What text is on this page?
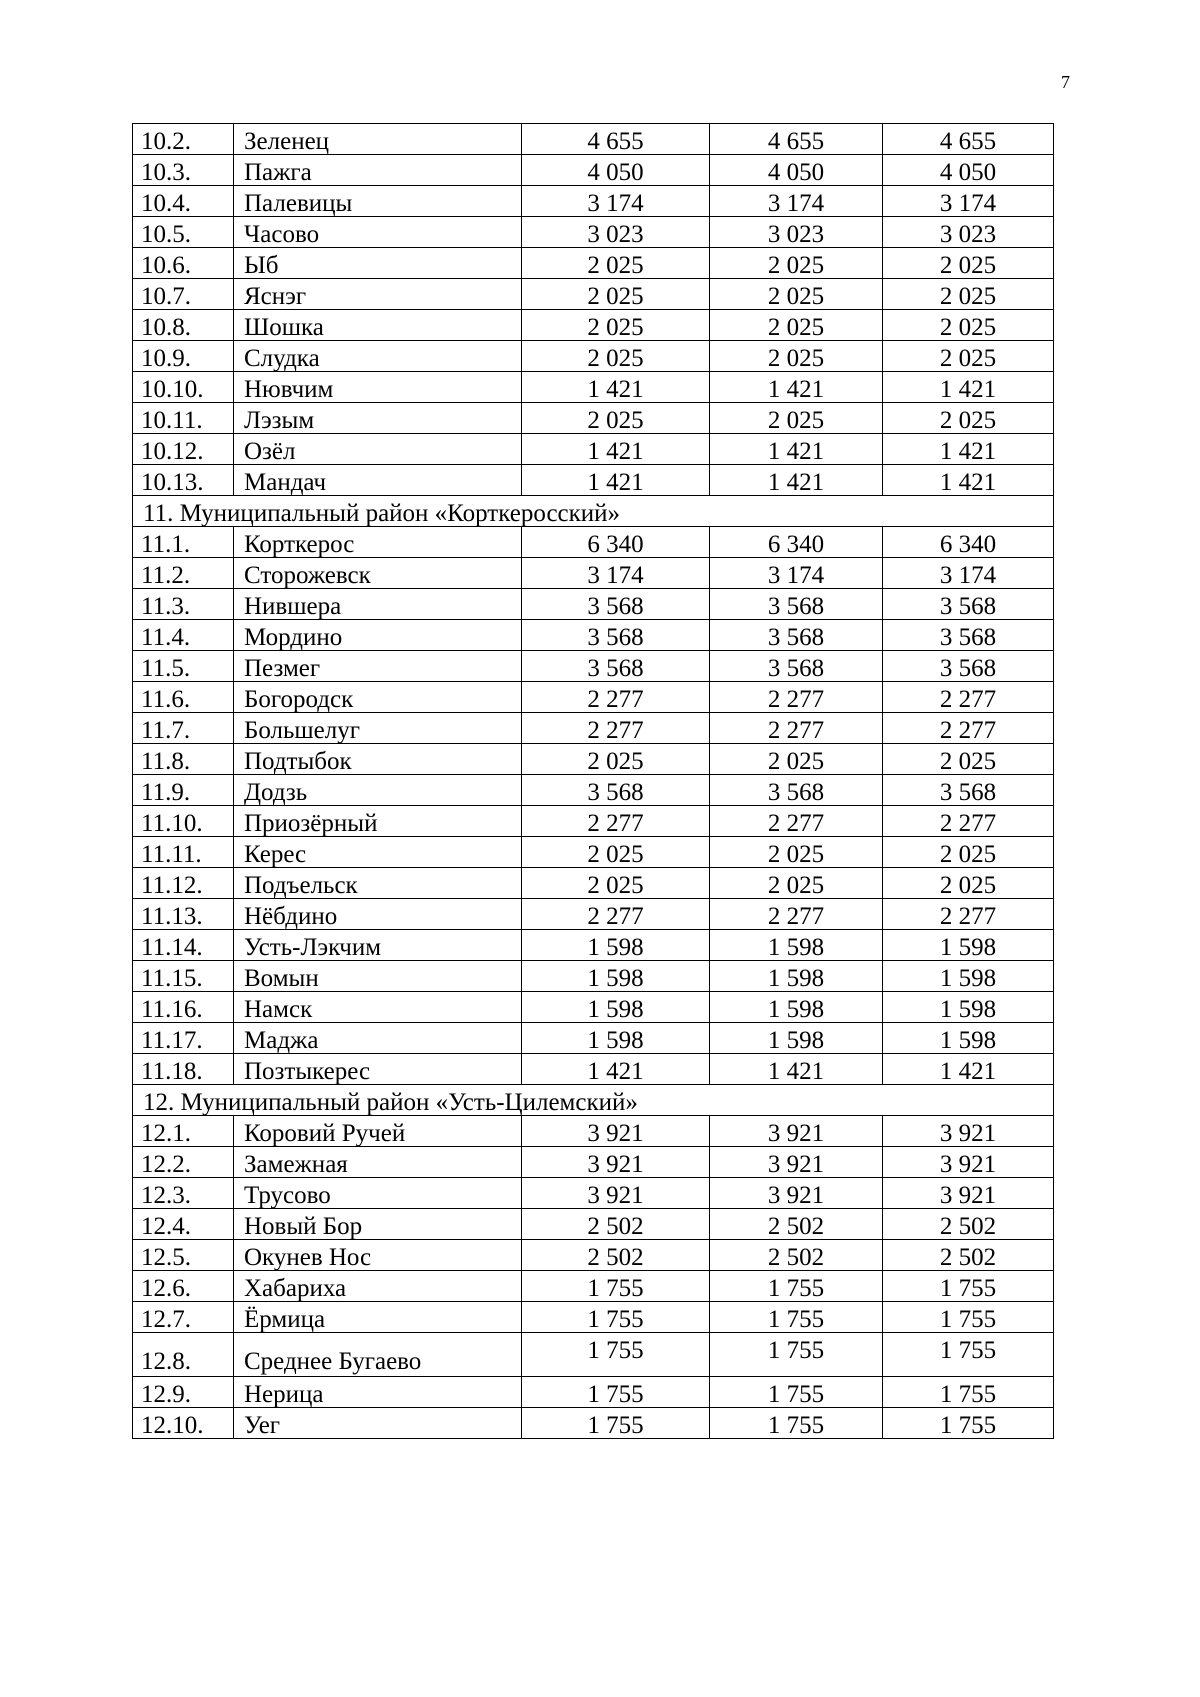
7
10.2.	Зеленец	4 655	4 655	4 655
10.3.	Пажга	4 050	4 050	4 050
10.4.	Палевицы	3 174	3 174	3 174
10.5.	Часово	3 023	3 023	3 023
10.6.	Ыб	2 025	2 025	2 025
10.7.	Яснэг	2 025	2 025	2 025
10.8.	Шошка	2 025	2 025	2 025
10.9.	Слудка	2 025	2 025	2 025
10.10.	Нювчим	1 421	1 421	1 421
10.11.	Лэзым	2 025	2 025	2 025
10.12.	Озёл	1 421	1 421	1 421
10.13.	Мандач	1 421	1 421	1 421
11. Муниципальный район «Корткеросский»				
11.1.	Корткерос	6 340	6 340	6 340
11.2.	Сторожевск	3 174	3 174	3 174
11.3.	Нившера	3 568	3 568	3 568
11.4.	Мордино	3 568	3 568	3 568
11.5.	Пезмег	3 568	3 568	3 568
11.6.	Богородск	2 277	2 277	2 277
11.7.	Большелуг	2 277	2 277	2 277
11.8.	Подтыбок	2 025	2 025	2 025
11.9.	Додзь	3 568	3 568	3 568
11.10.	Приозёрный	2 277	2 277	2 277
11.11.	Керес	2 025	2 025	2 025
11.12.	Подъельск	2 025	2 025	2 025
11.13.	Нёбдино	2 277	2 277	2 277
11.14.	Усть-Лэкчим	1 598	1 598	1 598
11.15.	Вомын	1 598	1 598	1 598
11.16.	Намск	1 598	1 598	1 598
11.17.	Маджа	1 598	1 598	1 598
11.18.	Позтыкерес	1 421	1 421	1 421
12. Муниципальный район «Усть-Цилемский»				
12.1.	Коровий Ручей	3 921	3 921	3 921
12.2.	Замежная	3 921	3 921	3 921
12.3.	Трусово	3 921	3 921	3 921
12.4.	Новый Бор	2 502	2 502	2 502
12.5.	Окунев Нос	2 502	2 502	2 502
12.6.	Хабариха	1 755	1 755	1 755
12.7.	Ёрмица	1 755	1 755	1 755
12.8.	Среднее Бугаево	1 755	1 755	1 755
12.9.	Нерица	1 755	1 755	1 755
12.10.	Уег	1 755	1 755	1 755
